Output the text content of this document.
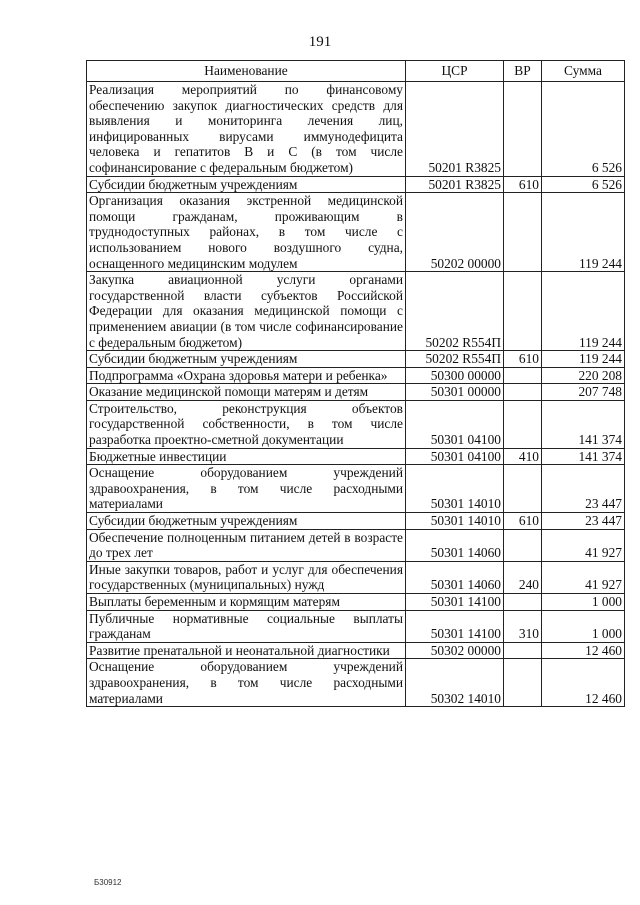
191
Наименование	ЦСР	ВР	Сумма
Реализация мероприятий по финансовому обеспечению закупок диагностических средств для выявления и мониторинга лечения лиц, инфицированных вирусами иммунодефицита человека и гепатитов В и С (в том числе софинансирование с федеральным бюджетом)	50201 R3825		6 526
Субсидии бюджетным учреждениям	50201 R3825	610	6 526
Организация оказания экстренной медицинской помощи гражданам, проживающим в труднодоступных районах, в том числе с использованием нового воздушного судна, оснащенного медицинским модулем	50202 00000		119 244
Закупка авиационной услуги органами государственной власти субъектов Российской Федерации для оказания медицинской помощи с применением авиации (в том числе софинансирование с федеральным бюджетом)	50202 R554П		119 244
Субсидии бюджетным учреждениям	50202 R554П	610	119 244
Подпрограмма «Охрана здоровья матери и ребенка»	50300 00000		220 208
Оказание медицинской помощи матерям и детям	50301 00000		207 748
Строительство, реконструкция объектов государственной собственности, в том числе разработка проектно-сметной документации	50301 04100		141 374
Бюджетные инвестиции	50301 04100	410	141 374
Оснащение оборудованием учреждений здравоохранения, в том числе расходными материалами	50301 14010		23 447
Субсидии бюджетным учреждениям	50301 14010	610	23 447
Обеспечение полноценным питанием детей в возрасте до трех лет	50301 14060		41 927
Иные закупки товаров, работ и услуг для обеспечения государственных (муниципальных) нужд	50301 14060	240	41 927
Выплаты беременным и кормящим матерям	50301 14100		1 000
Публичные нормативные социальные выплаты гражданам	50301 14100	310	1 000
Развитие пренатальной и неонатальной диагностики	50302 00000		12 460
Оснащение оборудованием учреждений здравоохранения, в том числе расходными материалами	50302 14010		12 460
Б30912
